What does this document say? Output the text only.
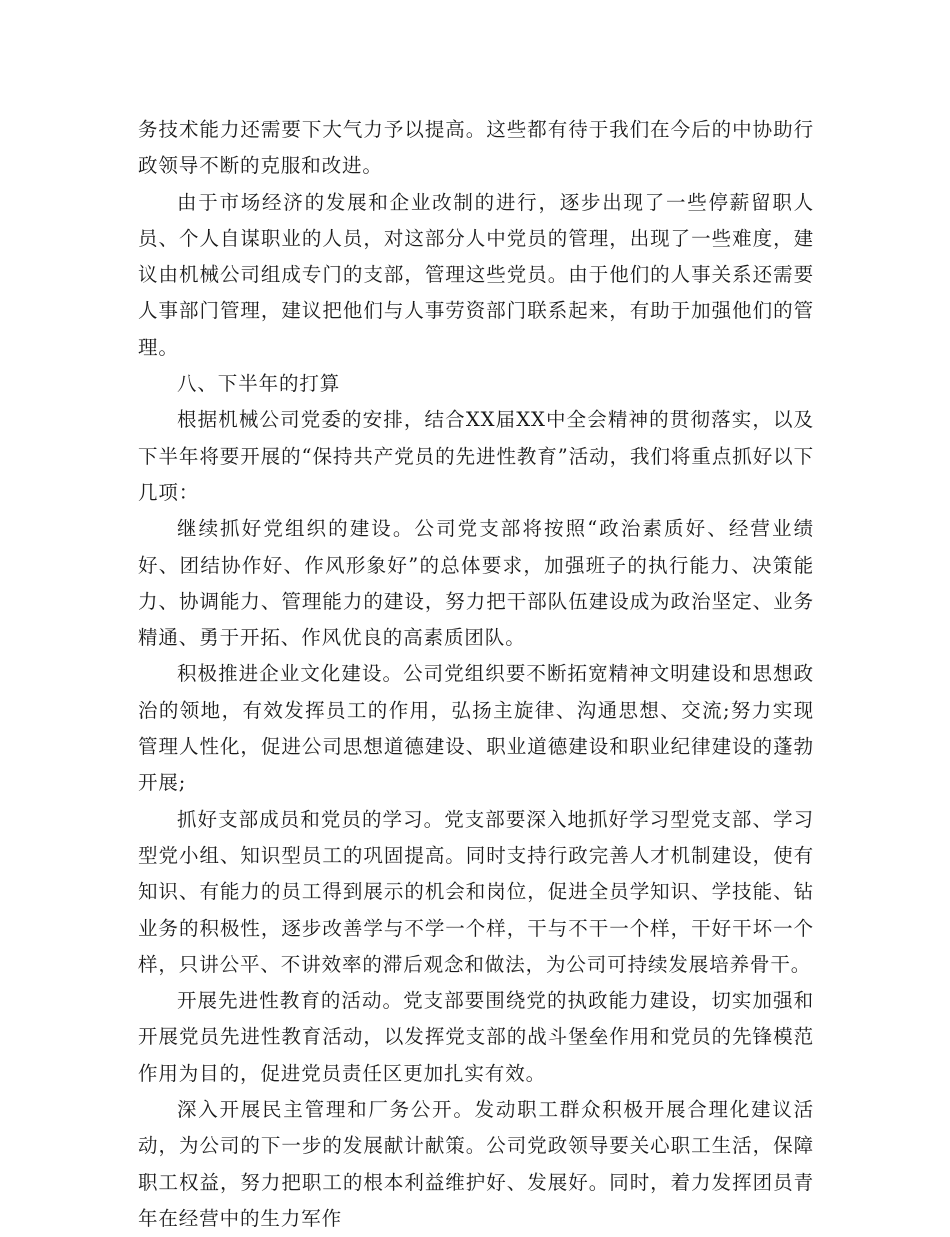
务技术能力还需要下大气力予以提高。这些都有待于我们在今后的中协助行政领导不断的克服和改进。

由于市场经济的发展和企业改制的进行，逐步出现了一些停薪留职人员、个人自谋职业的人员，对这部分人中党员的管理，出现了一些难度，建议由机械公司组成专门的支部，管理这些党员。由于他们的人事关系还需要人事部门管理，建议把他们与人事劳资部门联系起来，有助于加强他们的管理。

八、下半年的打算

根据机械公司党委的安排，结合XX届XX中全会精神的贯彻落实，以及下半年将要开展的“保持共产党员的先进性教育”活动，我们将重点抓好以下几项：

继续抓好党组织的建设。公司党支部将按照“政治素质好、经营业绩好、团结协作好、作风形象好”的总体要求，加强班子的执行能力、决策能力、协调能力、管理能力的建设，努力把干部队伍建设成为政治坚定、业务精通、勇于开拓、作风优良的高素质团队。

积极推进企业文化建设。公司党组织要不断拓宽精神文明建设和思想政治的领地，有效发挥员工的作用，弘扬主旋律、沟通思想、交流;努力实现管理人性化，促进公司思想道德建设、职业道德建设和职业纪律建设的蓬勃开展;

抓好支部成员和党员的学习。党支部要深入地抓好学习型党支部、学习型党小组、知识型员工的巩固提高。同时支持行政完善人才机制建设，使有知识、有能力的员工得到展示的机会和岗位，促进全员学知识、学技能、钻业务的积极性，逐步改善学与不学一个样，干与不干一个样，干好干坏一个样，只讲公平、不讲效率的滞后观念和做法，为公司可持续发展培养骨干。

开展先进性教育的活动。党支部要围绕党的执政能力建设，切实加强和开展党员先进性教育活动，以发挥党支部的战斗堡垒作用和党员的先锋模范作用为目的，促进党员责任区更加扎实有效。

深入开展民主管理和厂务公开。发动职工群众积极开展合理化建议活动，为公司的下一步的发展献计献策。公司党政领导要关心职工生活，保障职工权益，努力把职工的根本利益维护好、发展好。同时，着力发挥团员青年在经营中的生力军作
